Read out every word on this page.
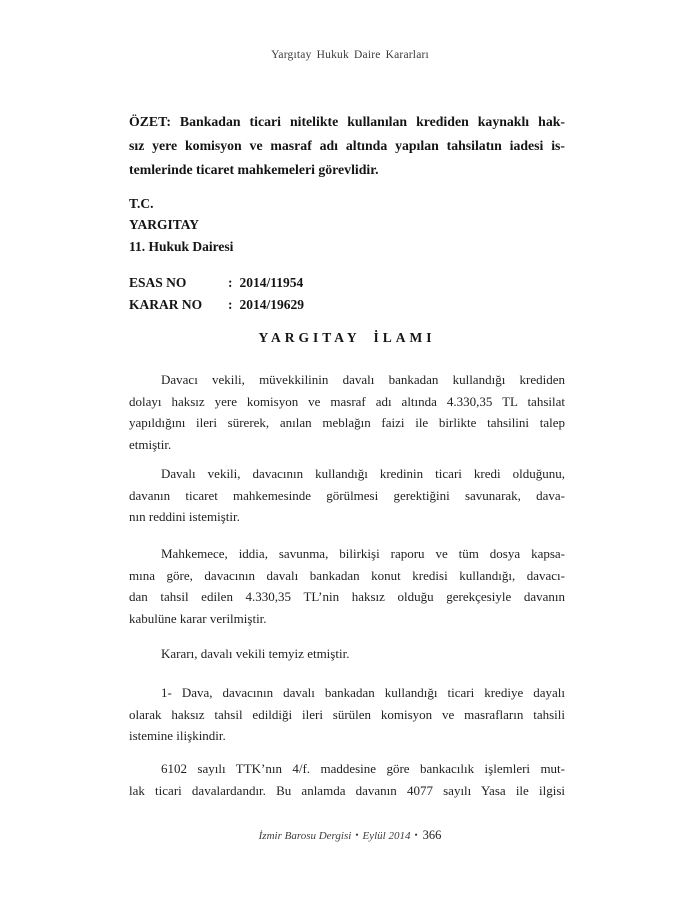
Yargıtay Hukuk Daire Kararları
ÖZET: Bankadan ticari nitelikte kullanılan krediden kaynaklı hak-
sız yere komisyon ve masraf adı altında yapılan tahsilatın iadesi is-
temlerinde ticaret mahkemeleri görevlidir.
T.C.
YARGITAY
11. Hukuk Dairesi
ESAS NO	: 2014/11954
KARAR NO : 2014/19629
YARGITAY İLAMI
Davacı vekili, müvekkilinin davalı bankadan kullandığı krediden
dolayı haksız yere komisyon ve masraf adı altında 4.330,35 TL tahsilat
yapıldığını ileri sürerek, anılan meblağın faizi ile birlikte tahsilini talep
etmiştir.
Davalı vekili, davacının kullandığı kredinin ticari kredi olduğunu,
davanın ticaret mahkemesinde görülmesi gerektiğini savunarak, dava-
nın reddini istemiştir.
Mahkemece, iddia, savunma, bilirkişi raporu ve tüm dosya kapsa-
mına göre, davacının davalı bankadan konut kredisi kullandığı, davacı-
dan tahsil edilen 4.330,35 TL’nin haksız olduğu gerekçesiyle davanın
kabulüne karar verilmiştir.
Kararı, davalı vekili temyiz etmiştir.
1- Dava, davacının davalı bankadan kullandığı ticari krediye dayalı
olarak haksız tahsil edildiği ileri sürülen komisyon ve masrafların tahsili
istemine ilişkindir.
6102 sayılı TTK’nın 4/f. maddesine göre bankacılık işlemleri mut-
lak ticari davalardandır. Bu anlamda davanın 4077 sayılı Yasa ile ilgisi
İzmir Barosu Dergisi • Eylül 2014 • 366
